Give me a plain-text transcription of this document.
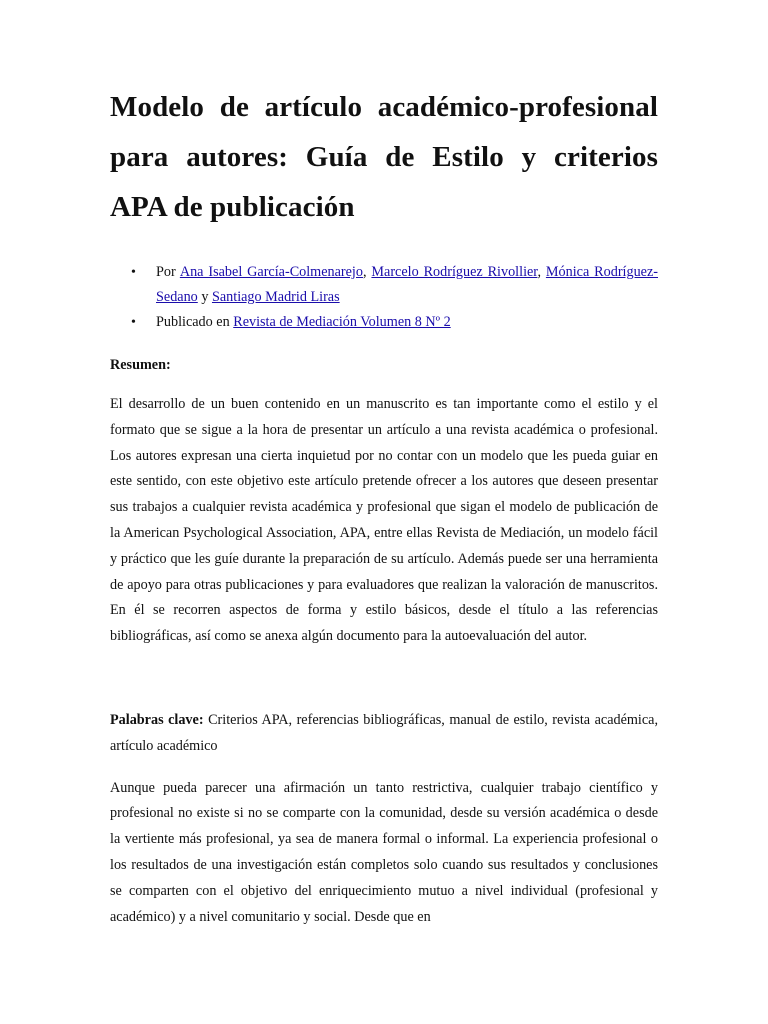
Modelo de artículo académico-profesional para autores: Guía de Estilo y criterios APA de publicación
• Por Ana Isabel García-Colmenarejo, Marcelo Rodríguez Rivollier, Mónica Rodríguez-Sedano y Santiago Madrid Liras
• Publicado en Revista de Mediación Volumen 8 Nº 2
Resumen:

El desarrollo de un buen contenido en un manuscrito es tan importante como el estilo y el formato que se sigue a la hora de presentar un artículo a una revista académica o profesional. Los autores expresan una cierta inquietud por no contar con un modelo que les pueda guiar en este sentido, con este objetivo este artículo pretende ofrecer a los autores que deseen presentar sus trabajos a cualquier revista académica y profesional que sigan el modelo de publicación de la American Psychological Association, APA, entre ellas Revista de Mediación, un modelo fácil y práctico que les guíe durante la preparación de su artículo. Además puede ser una herramienta de apoyo para otras publicaciones y para evaluadores que realizan la valoración de manuscritos. En él se recorren aspectos de forma y estilo básicos, desde el título a las referencias bibliográficas, así como se anexa algún documento para la autoevaluación del autor.

Palabras clave: Criterios APA, referencias bibliográficas, manual de estilo, revista académica, artículo académico

Aunque pueda parecer una afirmación un tanto restrictiva, cualquier trabajo científico y profesional no existe si no se comparte con la comunidad, desde su versión académica o desde la vertiente más profesional, ya sea de manera formal o informal. La experiencia profesional o los resultados de una investigación están completos solo cuando sus resultados y conclusiones se comparten con el objetivo del enriquecimiento mutuo a nivel individual (profesional y académico) y a nivel comunitario y social. Desde que en
